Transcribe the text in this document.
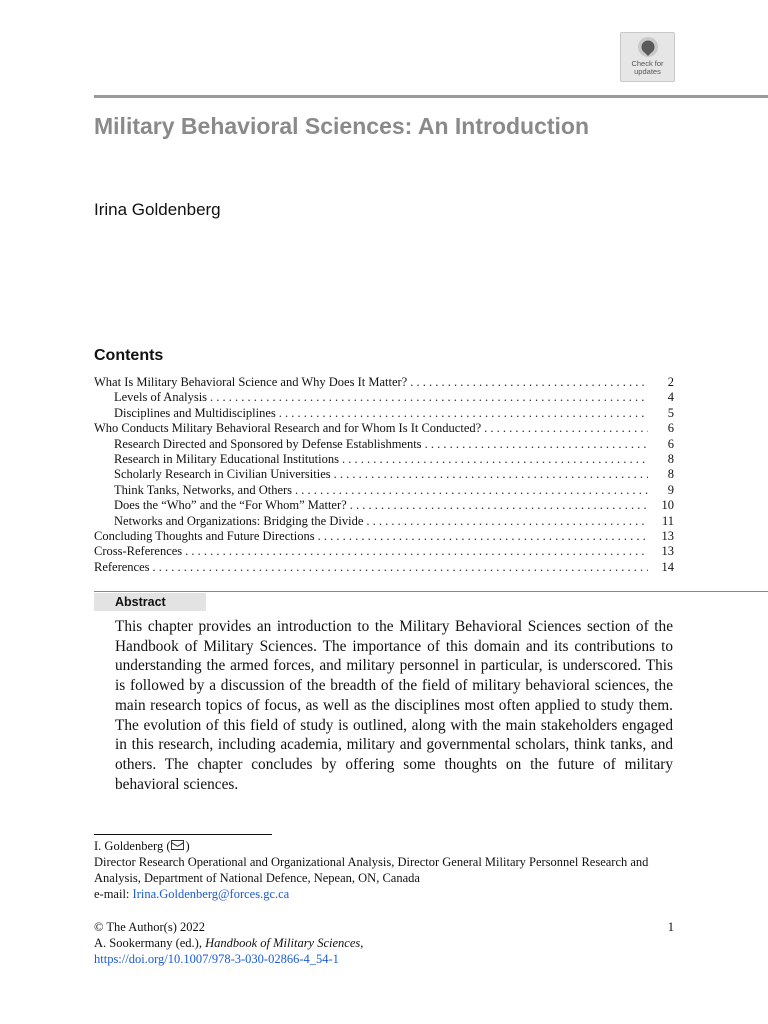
Check for
updates
Military Behavioral Sciences: An Introduction
Irina Goldenberg
Contents
What Is Military Behavioral Science and Why Does It Matter? . . .	2
Levels of Analysis . . .	4
Disciplines and Multidisciplines . . .	5
Who Conducts Military Behavioral Research and for Whom Is It Conducted? . . .	6
Research Directed and Sponsored by Defense Establishments . . .	6
Research in Military Educational Institutions . . .	8
Scholarly Research in Civilian Universities . . .	8
Think Tanks, Networks, and Others . . .	9
Does the “Who” and the “For Whom” Matter? . . .	10
Networks and Organizations: Bridging the Divide . . .	11
Concluding Thoughts and Future Directions . . .	13
Cross-References . . .	13
References . . .	14
Abstract

This chapter provides an introduction to the Military Behavioral Sciences section of the Handbook of Military Sciences. The importance of this domain and its contributions to understanding the armed forces, and military personnel in particular, is underscored. This is followed by a discussion of the breadth of the field of military behavioral sciences, the main research topics of focus, as well as the disciplines most often applied to study them. The evolution of this field of study is outlined, along with the main stakeholders engaged in this research, including academia, military and governmental scholars, think tanks, and others. The chapter concludes by offering some thoughts on the future of military behavioral sciences.

I. Goldenberg ( )
Director Research Operational and Organizational Analysis, Director General Military Personnel Research and Analysis, Department of National Defence, Nepean, ON, Canada
e-mail: Irina.Goldenberg@forces.gc.ca
© The Author(s) 2022
A. Sookermany (ed.), Handbook of Military Sciences,
https://doi.org/10.1007/978-3-030-02866-4_54-1
1
